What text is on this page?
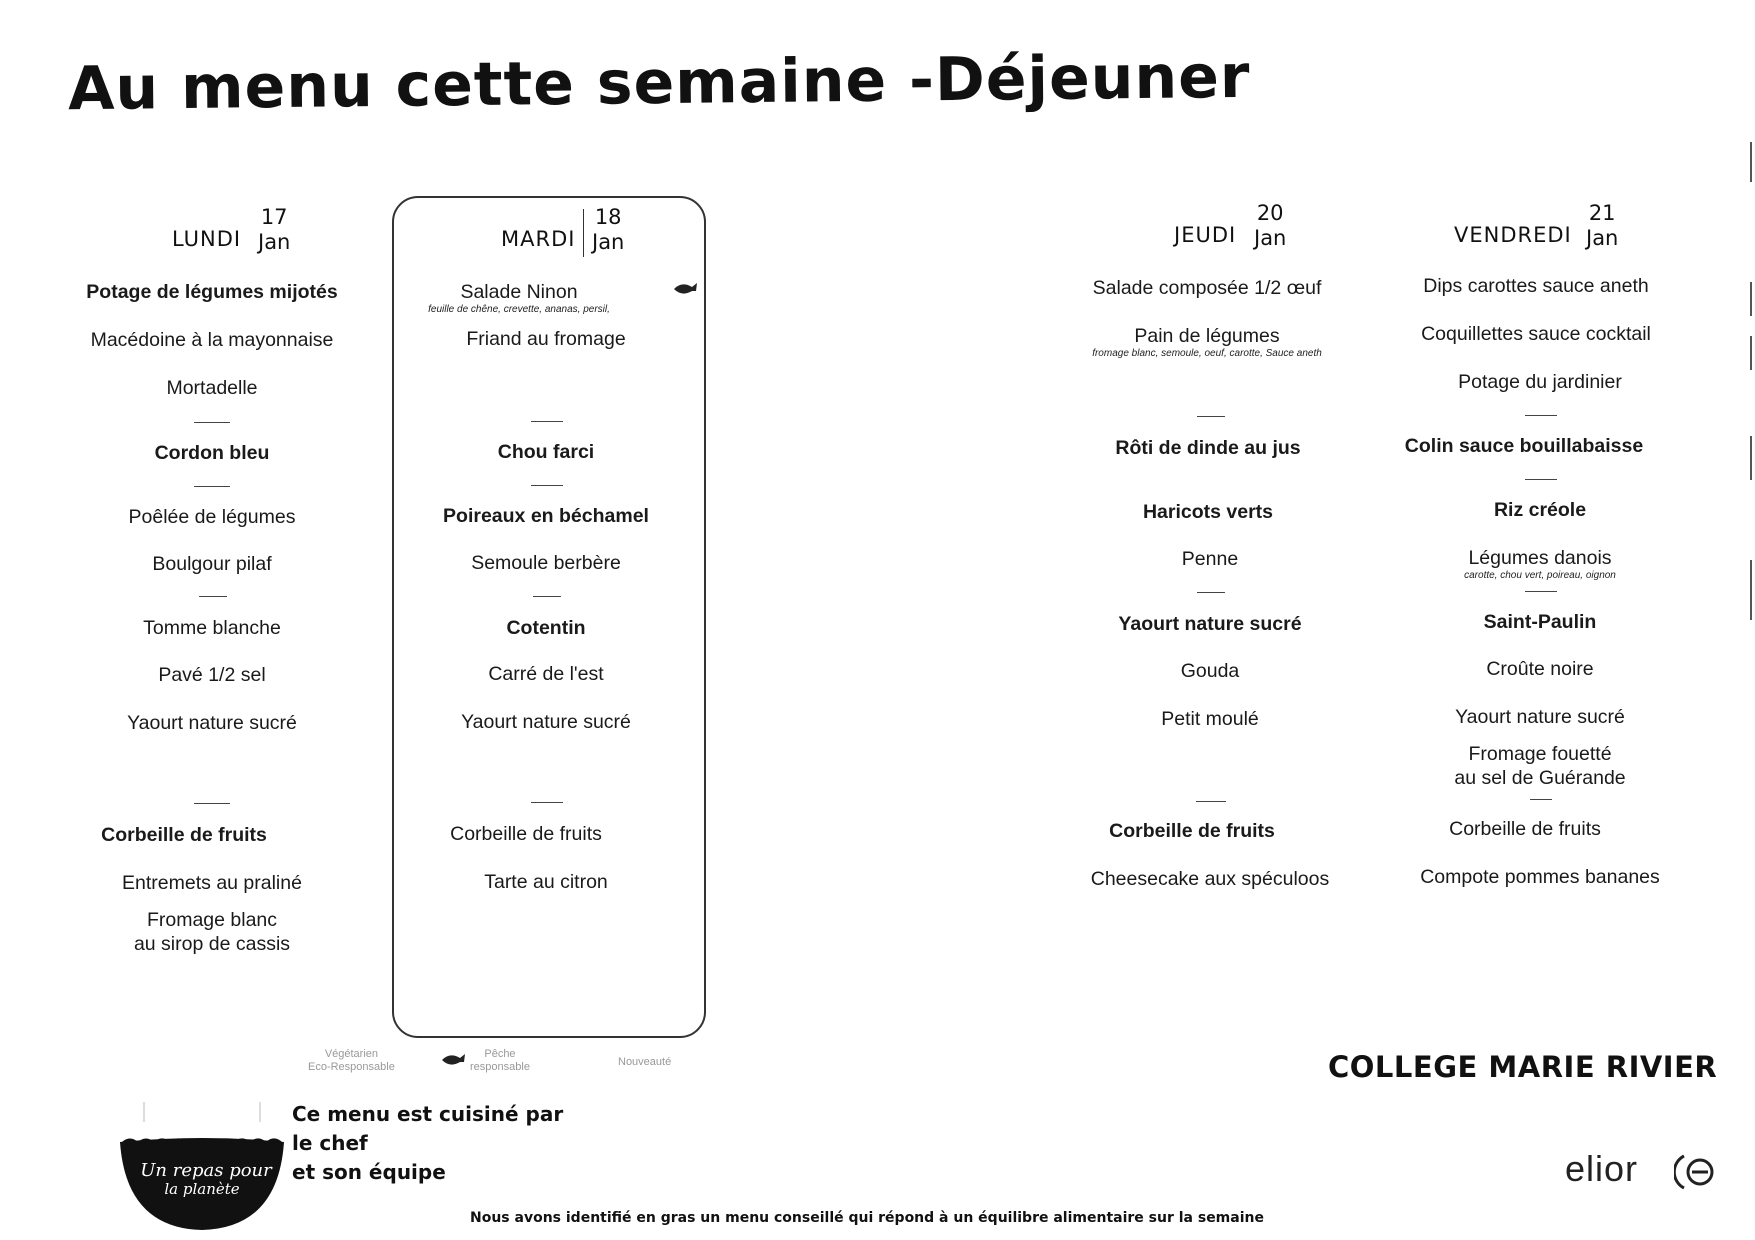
Au menu cette semaine -Déjeuner
LUNDI
17
Jan
Potage de légumes mijotés
Macédoine à la mayonnaise
Mortadelle
Cordon bleu
Poêlée de légumes
Boulgour pilaf
Tomme blanche
Pavé 1/2 sel
Yaourt nature sucré
Corbeille de fruits
Entremets au praliné
Fromage blanc
au sirop de cassis
MARDI
18
Jan
Salade Ninon
feuille de chêne, crevette, ananas, persil,
Friand au fromage
Chou farci
Poireaux en béchamel
Semoule berbère
Cotentin
Carré de l'est
Yaourt nature sucré
Corbeille de fruits
Tarte au citron
JEUDI
20
Jan
Salade composée 1/2 œuf
Pain de légumes
fromage blanc, semoule, oeuf, carotte, Sauce aneth
Rôti de dinde au jus
Haricots verts
Penne
Yaourt nature sucré
Gouda
Petit moulé
Corbeille de fruits
Cheesecake aux spéculoos
VENDREDI
21
Jan
Dips carottes sauce aneth
Coquillettes sauce cocktail
Potage du jardinier
Colin sauce bouillabaisse
Riz créole
Légumes danois
carotte, chou vert, poireau, oignon
Saint-Paulin
Croûte noire
Yaourt nature sucré
Fromage fouetté
au sel de Guérande
Corbeille de fruits
Compote pommes bananes
Végétarien
Eco-Responsable
Pêche
responsable	Nouveauté	COLLEGE MARIE RIVIER
Un repas pour
la planète
Ce menu est cuisiné par
le chef
et son équipe	elior
Nous avons identifié en gras un menu conseillé qui répond à un équilibre alimentaire sur la semaine
